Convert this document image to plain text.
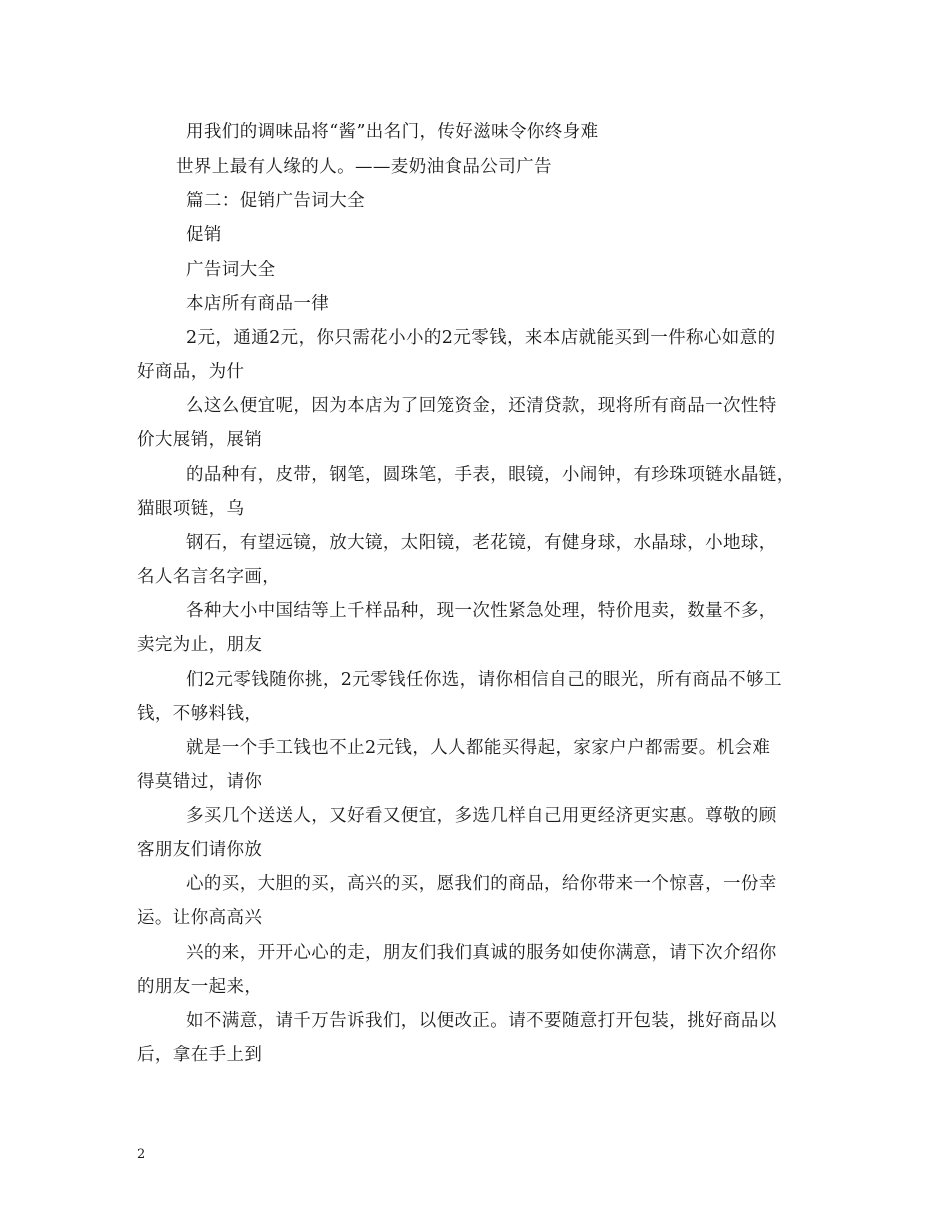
用我们的调味品将“酱”出名门，传好滋味令你终身难
世界上最有人缘的人。——麦奶油食品公司广告
篇二：促销广告词大全
促销
广告词大全
本店所有商品一律
2元，通通2元，你只需花小小的2元零钱，来本店就能买到一件称心如意的
好商品，为什
么这么便宜呢，因为本店为了回笼资金，还清贷款，现将所有商品一次性特
价大展销，展销
的品种有，皮带，钢笔，圆珠笔，手表，眼镜，小闹钟，有珍珠项链水晶链，
猫眼项链，乌
钢石，有望远镜，放大镜，太阳镜，老花镜，有健身球，水晶球，小地球，
名人名言名字画，
各种大小中国结等上千样品种，现一次性紧急处理，特价甩卖，数量不多，
卖完为止，朋友
们2元零钱随你挑，2元零钱任你选，请你相信自己的眼光，所有商品不够工
钱，不够料钱，
就是一个手工钱也不止2元钱，人人都能买得起，家家户户都需要。机会难
得莫错过，请你
多买几个送送人，又好看又便宜，多选几样自己用更经济更实惠。尊敬的顾
客朋友们请你放
心的买，大胆的买，高兴的买，愿我们的商品，给你带来一个惊喜，一份幸
运。让你高高兴
兴的来，开开心心的走，朋友们我们真诚的服务如使你满意，请下次介绍你
的朋友一起来，
如不满意，请千万告诉我们，以便改正。请不要随意打开包装，挑好商品以
后，拿在手上到
2
